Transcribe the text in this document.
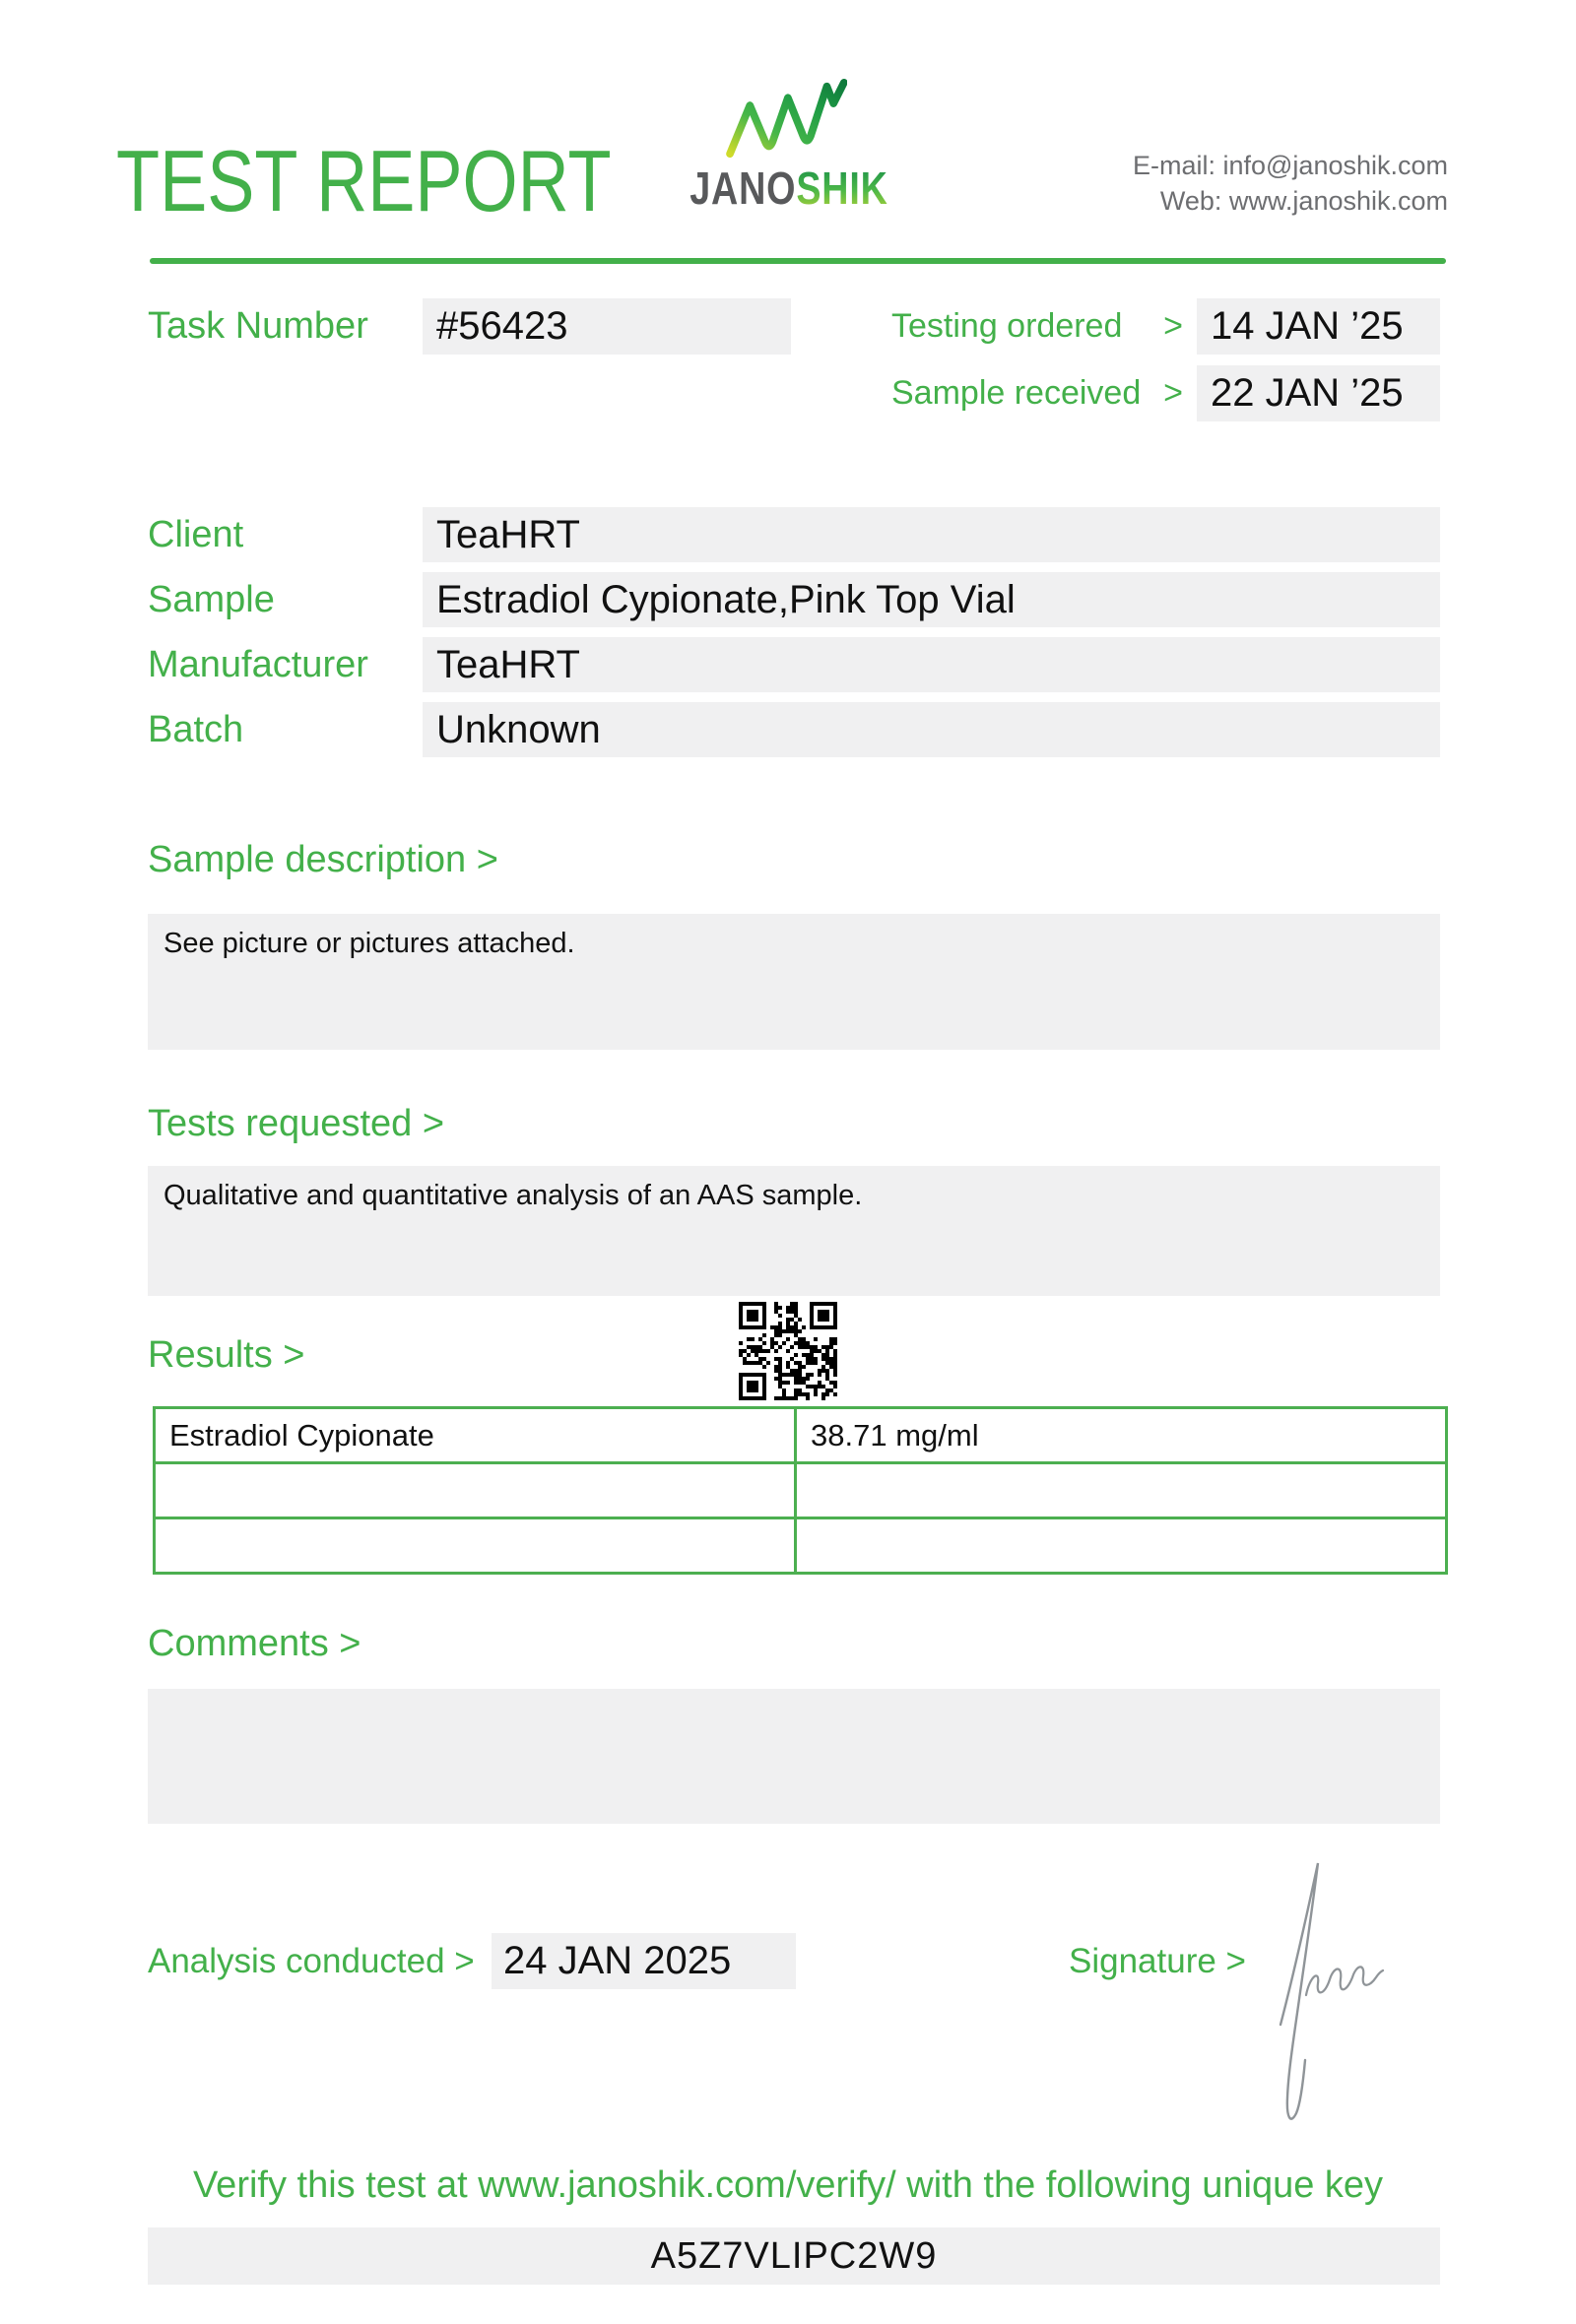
TEST REPORT JANOSHIK	E-mail: info@janoshik.com
Web: www.janoshik.com
Task Number	#56423	Testing ordered > 14 JAN ’25
Sample received > 22 JAN ’25
Client	TeaHRT
Sample	Estradiol Cypionate,Pink Top Vial
Manufacturer	TeaHRT
Batch	Unknown
Sample description >
See picture or pictures attached.
Tests requested >
Qualitative and quantitative analysis of an AAS sample.
Results >
Estradiol Cypionate	38.71 mg/ml

Comments >
Analysis conducted > 24 JAN 2025	Signature >
Verify this test at www.janoshik.com/verify/ with the following unique key
A5Z7VLIPC2W9
